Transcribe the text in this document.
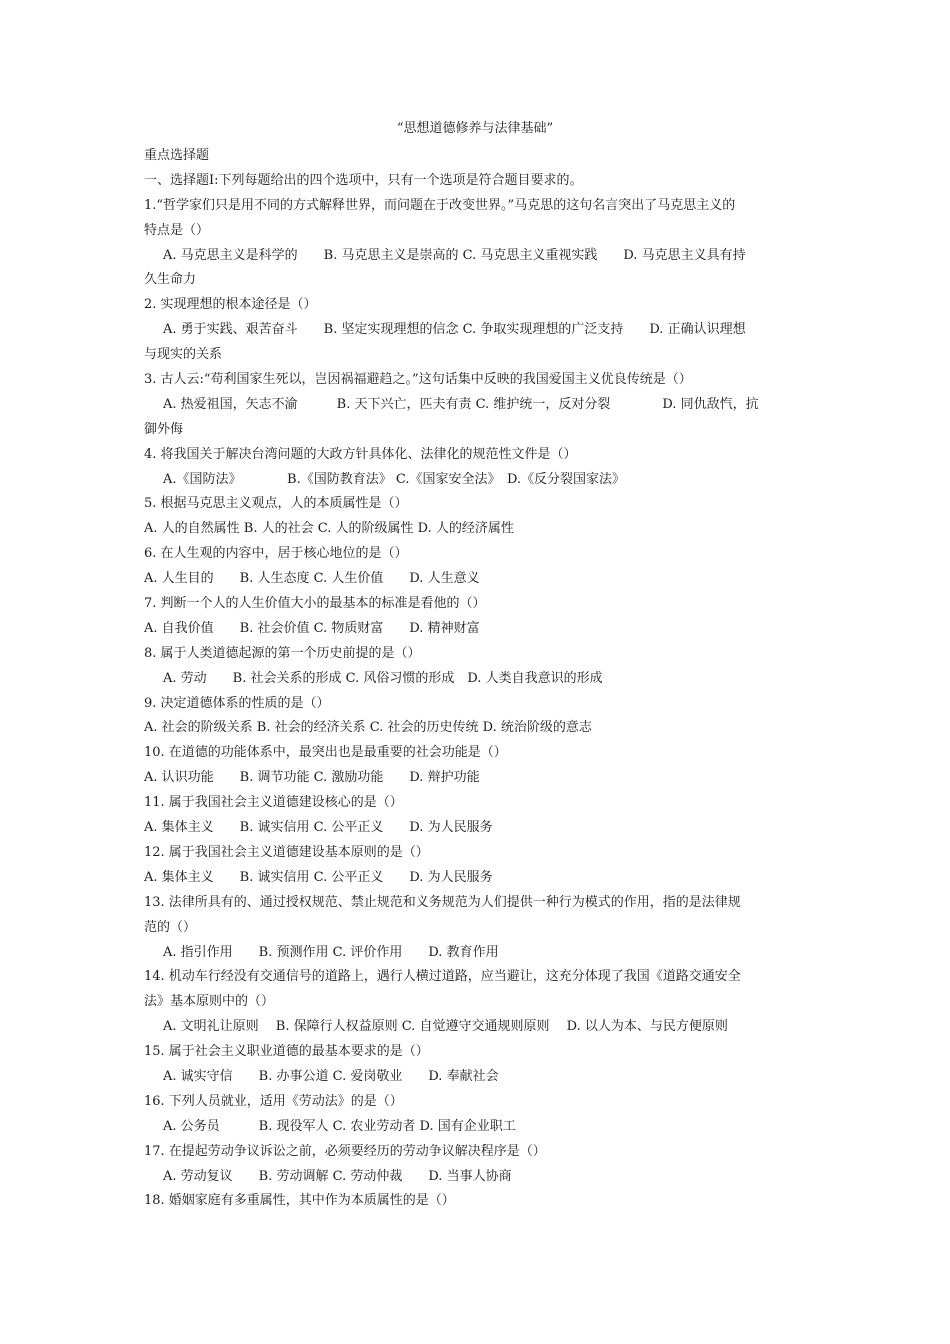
“思想道德修养与法律基础”
重点选择题
一、选择题Ⅰ:下列每题给出的四个选项中，只有一个选项是符合题目要求的。
1.“哲学家们只是用不同的方式解释世界，而问题在于改变世界。”马克思的这句名言突出了马克思主义的
特点是（）
A. 马克思主义是科学的　　B. 马克思主义是崇高的 C. 马克思主义重视实践　　D. 马克思主义具有持
久生命力
2. 实现理想的根本途径是（）
A. 勇于实践、艰苦奋斗　　B. 坚定实现理想的信念 C. 争取实现理想的广泛支持　　D. 正确认识理想
与现实的关系
3. 古人云:“苟利国家生死以，岂因祸福避趋之。”这句话集中反映的我国爱国主义优良传统是（）
A. 热爱祖国，矢志不渝　　　B. 天下兴亡，匹夫有责 C. 维护统一，反对分裂　　　　D. 同仇敌忾，抗
御外侮
4. 将我国关于解决台湾问题的大政方针具体化、法律化的规范性文件是（）
A.《国防法》　　　　B.《国防教育法》 C.《国家安全法》　D.《反分裂国家法》
5. 根据马克思主义观点，人的本质属性是（）
A. 人的自然属性 B. 人的社会 C. 人的阶级属性 D. 人的经济属性
6. 在人生观的内容中，居于核心地位的是（）
A. 人生目的　　B. 人生态度 C. 人生价值　　D. 人生意义
7. 判断一个人的人生价值大小的最基本的标准是看他的（）
A. 自我价值　　B. 社会价值 C. 物质财富　　D. 精神财富
8. 属于人类道德起源的第一个历史前提的是（）
A. 劳动　　B. 社会关系的形成 C. 风俗习惯的形成　D. 人类自我意识的形成
9. 决定道德体系的性质的是（）
A. 社会的阶级关系 B. 社会的经济关系 C. 社会的历史传统 D. 统治阶级的意志
10. 在道德的功能体系中，最突出也是最重要的社会功能是（）
A. 认识功能　　B. 调节功能 C. 激励功能　　D. 辩护功能
11. 属于我国社会主义道德建设核心的是（）
A. 集体主义　　B. 诚实信用 C. 公平正义　　D. 为人民服务
12. 属于我国社会主义道德建设基本原则的是（）
A. 集体主义　　B. 诚实信用 C. 公平正义　　D. 为人民服务
13. 法律所具有的、通过授权规范、禁止规范和义务规范为人们提供一种行为模式的作用，指的是法律规
范的（）
A. 指引作用　　B. 预测作用 C. 评价作用　　D. 教育作用
14. 机动车行经没有交通信号的道路上，遇行人横过道路，应当避让，这充分体现了我国《道路交通安全
法》基本原则中的（）
A. 文明礼让原则　 B. 保障行人权益原则 C. 自觉遵守交通规则原则　 D. 以人为本、与民方便原则
15. 属于社会主义职业道德的最基本要求的是（）
A. 诚实守信　　B. 办事公道 C. 爱岗敬业　　D. 奉献社会
16. 下列人员就业，适用《劳动法》的是（）
A. 公务员　　　B. 现役军人 C. 农业劳动者 D. 国有企业职工
17. 在提起劳动争议诉讼之前，必须要经历的劳动争议解决程序是（）
A. 劳动复议　　B. 劳动调解 C. 劳动仲裁　　D. 当事人协商
18. 婚姻家庭有多重属性，其中作为本质属性的是（）
